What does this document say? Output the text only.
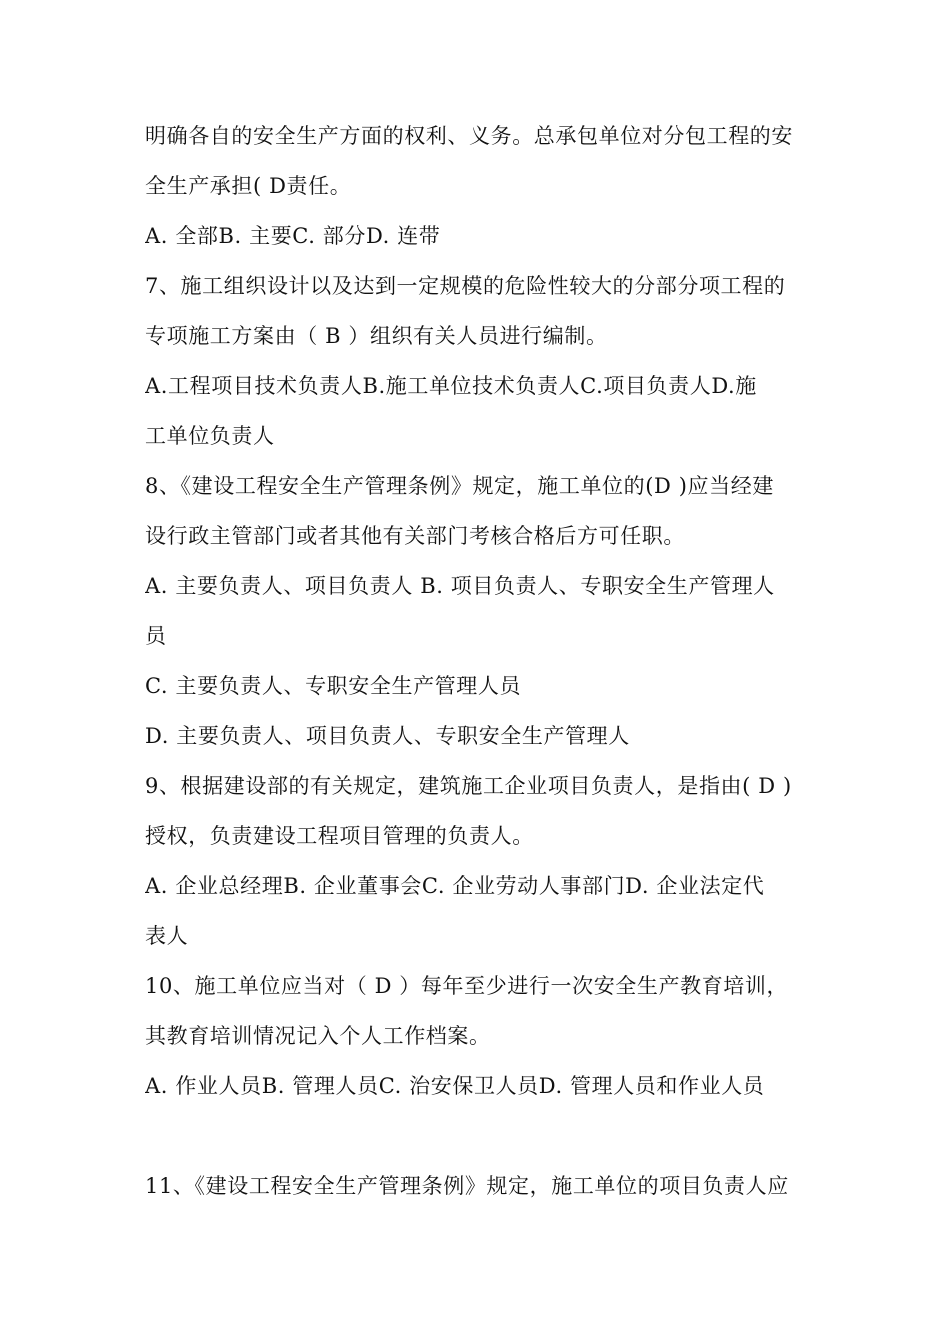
明确各自的安全生产方面的权利、义务。总承包单位对分包工程的安
全生产承担( D责任。
A. 全部B. 主要C. 部分D. 连带
7、施工组织设计以及达到一定规模的危险性较大的分部分项工程的
专项施工方案由（ B ）组织有关人员进行编制。
A.工程项目技术负责人B.施工单位技术负责人C.项目负责人D.施
工单位负责人
8、《建设工程安全生产管理条例》规定，施工单位的(D )应当经建
设行政主管部门或者其他有关部门考核合格后方可任职。
A. 主要负责人、项目负责人 B. 项目负责人、专职安全生产管理人
员
C. 主要负责人、专职安全生产管理人员
D. 主要负责人、项目负责人、专职安全生产管理人
9、根据建设部的有关规定，建筑施工企业项目负责人，是指由( D )
授权，负责建设工程项目管理的负责人。
A. 企业总经理B. 企业董事会C. 企业劳动人事部门D. 企业法定代
表人
10、施工单位应当对（ D ）每年至少进行一次安全生产教育培训，
其教育培训情况记入个人工作档案。
A. 作业人员B. 管理人员C. 治安保卫人员D. 管理人员和作业人员
11、《建设工程安全生产管理条例》规定，施工单位的项目负责人应
